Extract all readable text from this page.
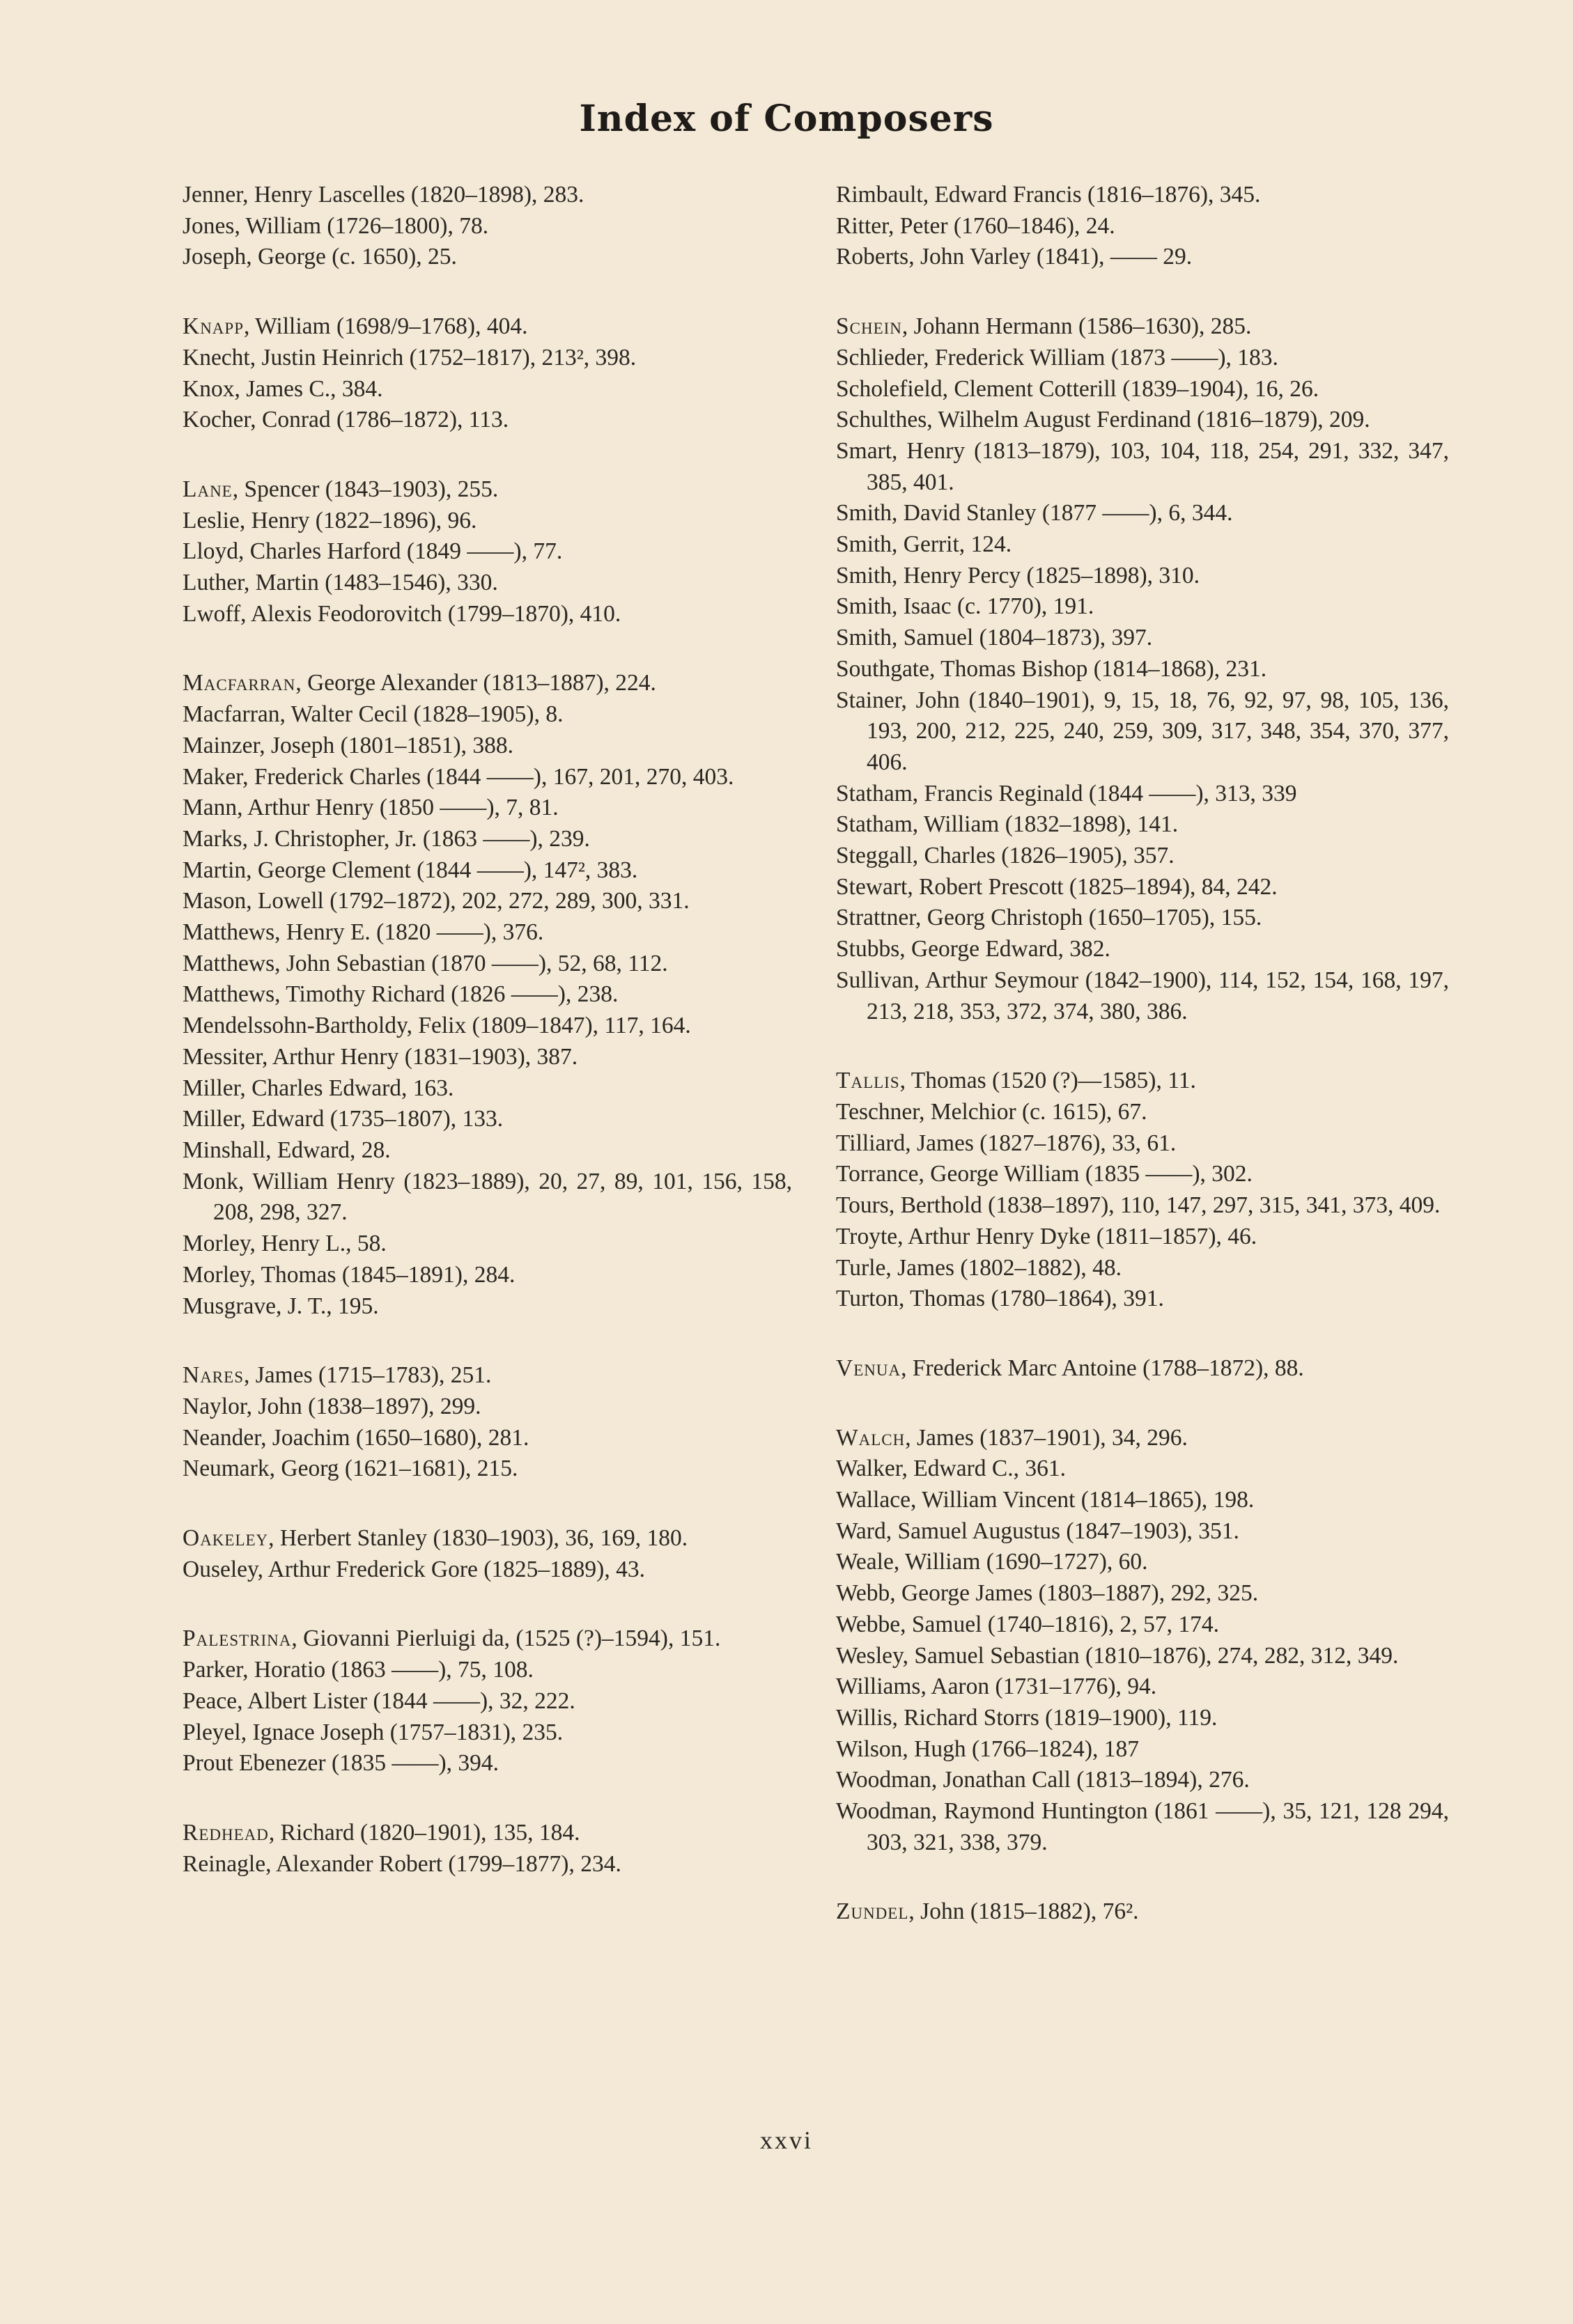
Index of Composers
Jenner, Henry Lascelles (1820–1898), 283.
Jones, William (1726–1800), 78.
Joseph, George (c. 1650), 25.
Knapp, William (1698/9–1768), 404.
Knecht, Justin Heinrich (1752–1817), 213², 398.
Knox, James C., 384.
Kocher, Conrad (1786–1872), 113.
Lane, Spencer (1843–1903), 255.
Leslie, Henry (1822–1896), 96.
Lloyd, Charles Harford (1849 ——), 77.
Luther, Martin (1483–1546), 330.
Lwoff, Alexis Feodorovitch (1799–1870), 410.
Macfarran, George Alexander (1813–1887), 224.
Macfarran, Walter Cecil (1828–1905), 8.
Mainzer, Joseph (1801–1851), 388.
Maker, Frederick Charles (1844 ——), 167, 201, 270, 403.
Mann, Arthur Henry (1850 ——), 7, 81.
Marks, J. Christopher, Jr. (1863 ——), 239.
Martin, George Clement (1844 ——), 147², 383.
Mason, Lowell (1792–1872), 202, 272, 289, 300, 331.
Matthews, Henry E. (1820 ——), 376.
Matthews, John Sebastian (1870 ——), 52, 68, 112.
Matthews, Timothy Richard (1826 ——), 238.
Mendelssohn-Bartholdy, Felix (1809–1847), 117, 164.
Messiter, Arthur Henry (1831–1903), 387.
Miller, Charles Edward, 163.
Miller, Edward (1735–1807), 133.
Minshall, Edward, 28.
Monk, William Henry (1823–1889), 20, 27, 89, 101, 156, 158, 208, 298, 327.
Morley, Henry L., 58.
Morley, Thomas (1845–1891), 284.
Musgrave, J. T., 195.
Nares, James (1715–1783), 251.
Naylor, John (1838–1897), 299.
Neander, Joachim (1650–1680), 281.
Neumark, Georg (1621–1681), 215.
Oakeley, Herbert Stanley (1830–1903), 36, 169, 180.
Ouseley, Arthur Frederick Gore (1825–1889), 43.
Palestrina, Giovanni Pierluigi da, (1525 (?)–1594), 151.
Parker, Horatio (1863 ——), 75, 108.
Peace, Albert Lister (1844 ——), 32, 222.
Pleyel, Ignace Joseph (1757–1831), 235.
Prout Ebenezer (1835 ——), 394.
Redhead, Richard (1820–1901), 135, 184.
Reinagle, Alexander Robert (1799–1877), 234.
Rimbault, Edward Francis (1816–1876), 345.
Ritter, Peter (1760–1846), 24.
Roberts, John Varley (1841), —— 29.
Schein, Johann Hermann (1586–1630), 285.
Schlieder, Frederick William (1873 ——), 183.
Scholefield, Clement Cotterill (1839–1904), 16, 26.
Schulthes, Wilhelm August Ferdinand (1816–1879), 209.
Smart, Henry (1813–1879), 103, 104, 118, 254, 291, 332, 347, 385, 401.
Smith, David Stanley (1877 ——), 6, 344.
Smith, Gerrit, 124.
Smith, Henry Percy (1825–1898), 310.
Smith, Isaac (c. 1770), 191.
Smith, Samuel (1804–1873), 397.
Southgate, Thomas Bishop (1814–1868), 231.
Stainer, John (1840–1901), 9, 15, 18, 76, 92, 97, 98, 105, 136, 193, 200, 212, 225, 240, 259, 309, 317, 348, 354, 370, 377, 406.
Statham, Francis Reginald (1844 ——), 313, 339
Statham, William (1832–1898), 141.
Steggall, Charles (1826–1905), 357.
Stewart, Robert Prescott (1825–1894), 84, 242.
Strattner, Georg Christoph (1650–1705), 155.
Stubbs, George Edward, 382.
Sullivan, Arthur Seymour (1842–1900), 114, 152, 154, 168, 197, 213, 218, 353, 372, 374, 380, 386.
Tallis, Thomas (1520 (?)—1585), 11.
Teschner, Melchior (c. 1615), 67.
Tilliard, James (1827–1876), 33, 61.
Torrance, George William (1835 ——), 302.
Tours, Berthold (1838–1897), 110, 147, 297, 315, 341, 373, 409.
Troyte, Arthur Henry Dyke (1811–1857), 46.
Turle, James (1802–1882), 48.
Turton, Thomas (1780–1864), 391.
Venua, Frederick Marc Antoine (1788–1872), 88.
Walch, James (1837–1901), 34, 296.
Walker, Edward C., 361.
Wallace, William Vincent (1814–1865), 198.
Ward, Samuel Augustus (1847–1903), 351.
Weale, William (1690–1727), 60.
Webb, George James (1803–1887), 292, 325.
Webbe, Samuel (1740–1816), 2, 57, 174.
Wesley, Samuel Sebastian (1810–1876), 274, 282, 312, 349.
Williams, Aaron (1731–1776), 94.
Willis, Richard Storrs (1819–1900), 119.
Wilson, Hugh (1766–1824), 187
Woodman, Jonathan Call (1813–1894), 276.
Woodman, Raymond Huntington (1861 ——), 35, 121, 128 294, 303, 321, 338, 379.
Zundel, John (1815–1882), 76².
xxvi
